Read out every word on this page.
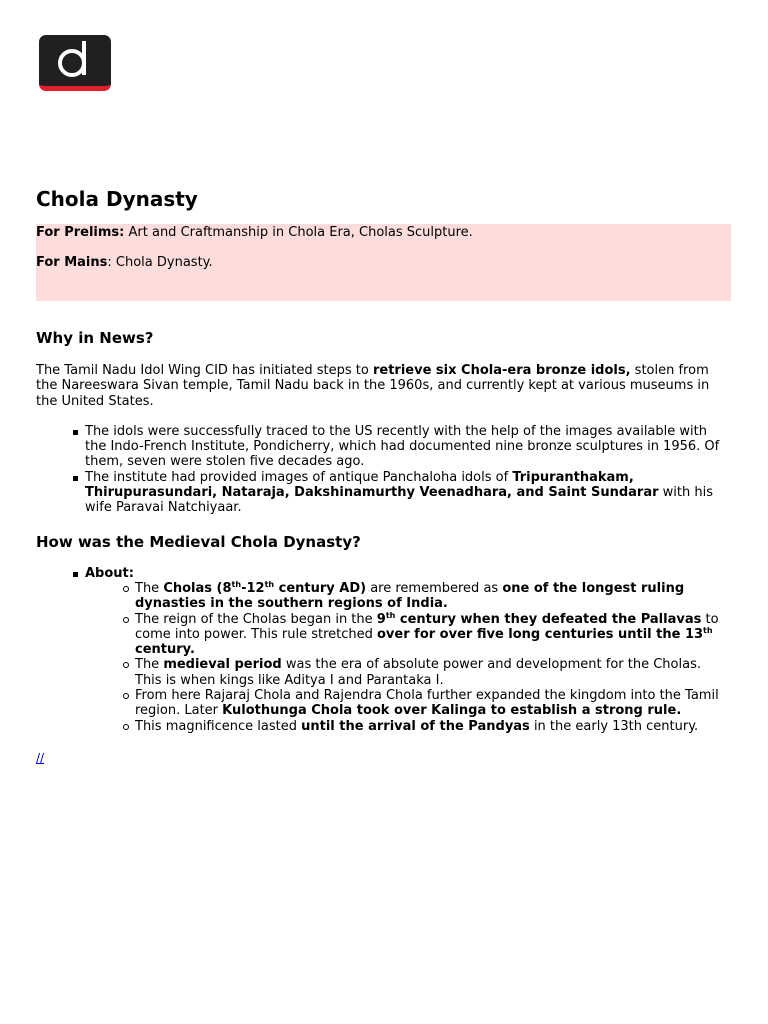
Chola Dynasty

For Prelims: Art and Craftmanship in Chola Era, Cholas Sculpture.

For Mains: Chola Dynasty.

Why in News?

The Tamil Nadu Idol Wing CID has initiated steps to retrieve six Chola-era bronze idols, stolen from the Nareeswara Sivan temple, Tamil Nadu back in the 1960s, and currently kept at various museums in the United States.

The idols were successfully traced to the US recently with the help of the images available with the Indo-French Institute, Pondicherry, which had documented nine bronze sculptures in 1956. Of them, seven were stolen five decades ago.
The institute had provided images of antique Panchaloha idols of Tripuranthakam, Thirupurasundari, Nataraja, Dakshinamurthy Veenadhara, and Saint Sundarar with his wife Paravai Natchiyaar.
How was the Medieval Chola Dynasty?
About:
The Cholas (8th-12th century AD) are remembered as one of the longest ruling dynasties in the southern regions of India.
The reign of the Cholas began in the 9th century when they defeated the Pallavas to come into power. This rule stretched over for over five long centuries until the 13th century.
The medieval period was the era of absolute power and development for the Cholas. This is when kings like Aditya I and Parantaka I.
From here Rajaraj Chola and Rajendra Chola further expanded the kingdom into the Tamil region. Later Kulothunga Chola took over Kalinga to establish a strong rule.
This magnificence lasted until the arrival of the Pandyas in the early 13th century.
//
